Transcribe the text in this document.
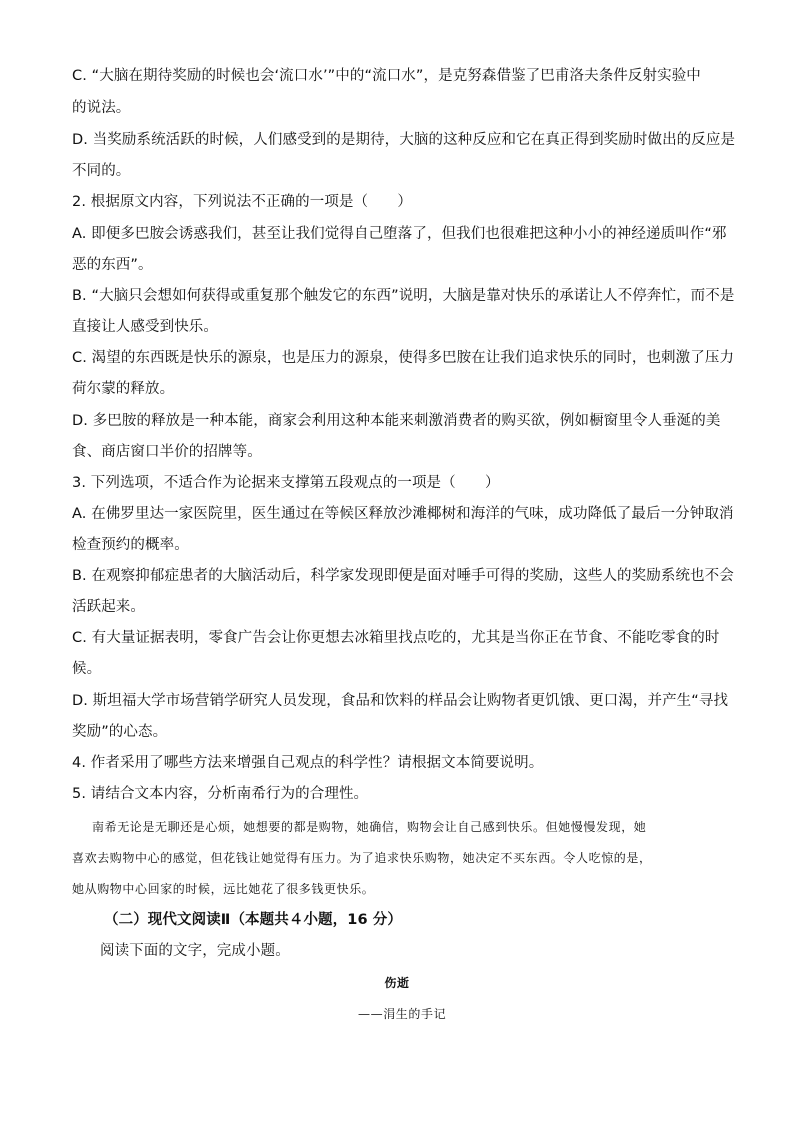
C. “大脑在期待奖励的时候也会‘流口水’”中的“流口水”，是克努森借鉴了巴甫洛夫条件反射实验中
的说法。
D. 当奖励系统活跃的时候，人们感受到的是期待，大脑的这种反应和它在真正得到奖励时做出的反应是
不同的。
2. 根据原文内容，下列说法不正确的一项是（　　）
A. 即便多巴胺会诱惑我们，甚至让我们觉得自己堕落了，但我们也很难把这种小小的神经递质叫作“邪
恶的东西”。
B. “大脑只会想如何获得或重复那个触发它的东西”说明，大脑是靠对快乐的承诺让人不停奔忙，而不是
直接让人感受到快乐。
C. 渴望的东西既是快乐的源泉，也是压力的源泉，使得多巴胺在让我们追求快乐的同时，也刺激了压力
荷尔蒙的释放。
D. 多巴胺的释放是一种本能，商家会利用这种本能来刺激消费者的购买欲，例如橱窗里令人垂涎的美
食、商店窗口半价的招牌等。
3. 下列选项，不适合作为论据来支撑第五段观点的一项是（　　）
A. 在佛罗里达一家医院里，医生通过在等候区释放沙滩椰树和海洋的气味，成功降低了最后一分钟取消
检查预约的概率。
B. 在观察抑郁症患者的大脑活动后，科学家发现即便是面对唾手可得的奖励，这些人的奖励系统也不会
活跃起来。
C. 有大量证据表明，零食广告会让你更想去冰箱里找点吃的，尤其是当你正在节食、不能吃零食的时
候。
D. 斯坦福大学市场营销学研究人员发现，食品和饮料的样品会让购物者更饥饿、更口渴，并产生“寻找
奖励”的心态。
4. 作者采用了哪些方法来增强自己观点的科学性？请根据文本简要说明。
5. 请结合文本内容，分析南希行为的合理性。
南希无论是无聊还是心烦，她想要的都是购物，她确信，购物会让自己感到快乐。但她慢慢发现，她
喜欢去购物中心的感觉，但花钱让她觉得有压力。为了追求快乐购物，她决定不买东西。令人吃惊的是，
她从购物中心回家的时候，远比她花了很多钱更快乐。
（二）现代文阅读Ⅱ（本题共４小题，16 分）
阅读下面的文字，完成小题。
伤逝
——涓生的手记
